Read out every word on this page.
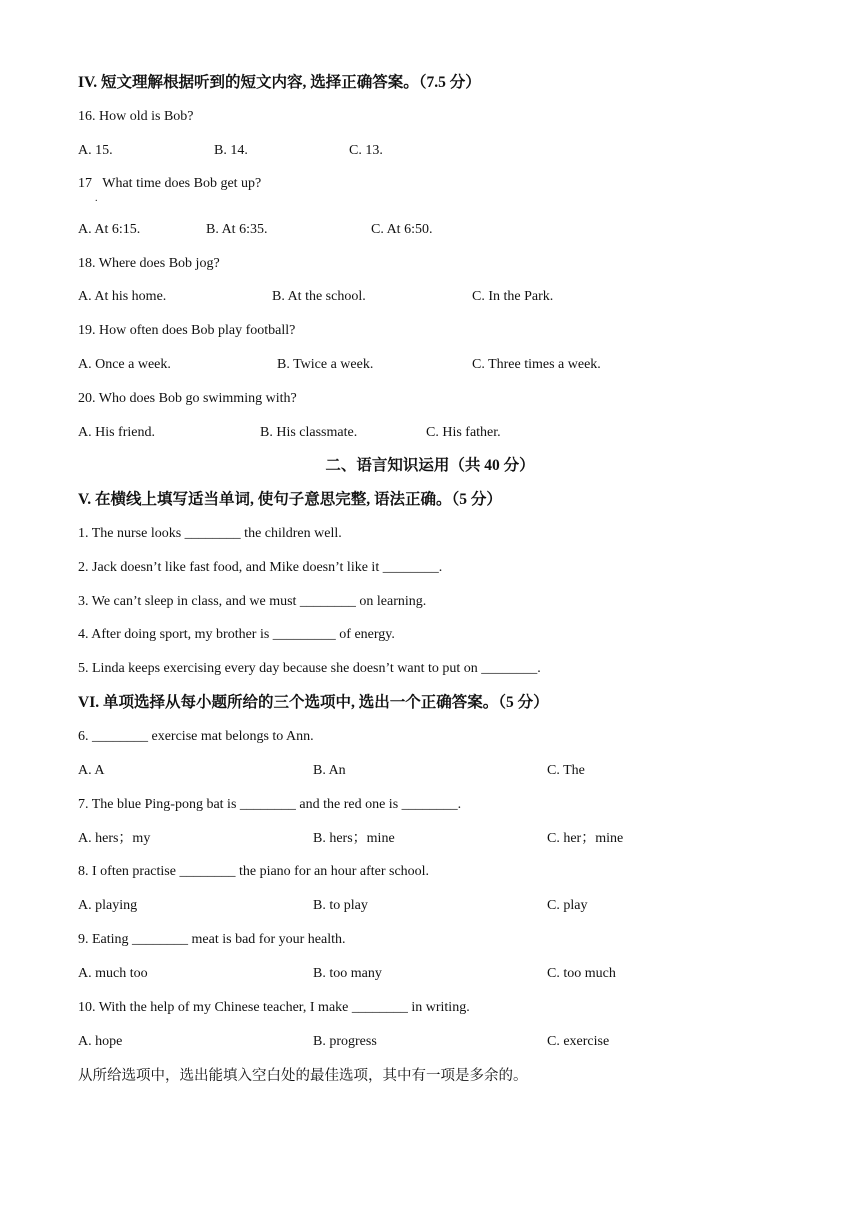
IV. 短文理解根据听到的短文内容, 选择正确答案。（7.5 分）
16. How old is Bob?
A. 15.	B. 14.	C. 13.
17   What time does Bob get up?
.
A. At 6:15.	B. At 6:35.	C. At 6:50.
18. Where does Bob jog?
A. At his home.	B. At the school.	C. In the Park.
19. How often does Bob play football?
A. Once a week.	B. Twice a week.	C. Three times a week.
20. Who does Bob go swimming with?
A. His friend.	B. His classmate.	C. His father.
二、语言知识运用（共 40 分）
V. 在横线上填写适当单词, 使句子意思完整, 语法正确。（5 分）
1. The nurse looks ________ the children well.
2. Jack doesn’t like fast food, and Mike doesn’t like it ________.
3. We can’t sleep in class, and we must ________ on learning.
4. After doing sport, my brother is _________ of energy.
5. Linda keeps exercising every day because she doesn’t want to put on ________.
VI. 单项选择从每小题所给的三个选项中, 选出一个正确答案。（5 分）
6. ________ exercise mat belongs to Ann.
A. A	B. An	C. The
7. The blue Ping-pong bat is ________ and the red one is ________.
A. hers；my	B. hers；mine	C. her；mine
8. I often practise ________ the piano for an hour after school.
A. playing	B. to play	C. play
9. Eating ________ meat is bad for your health.
A. much too	B. too many	C. too much
10. With the help of my Chinese teacher, I make ________ in writing.
A. hope	B. progress	C. exercise
从所给选项中，选出能填入空白处的最佳选项，其中有一项是多余的。
